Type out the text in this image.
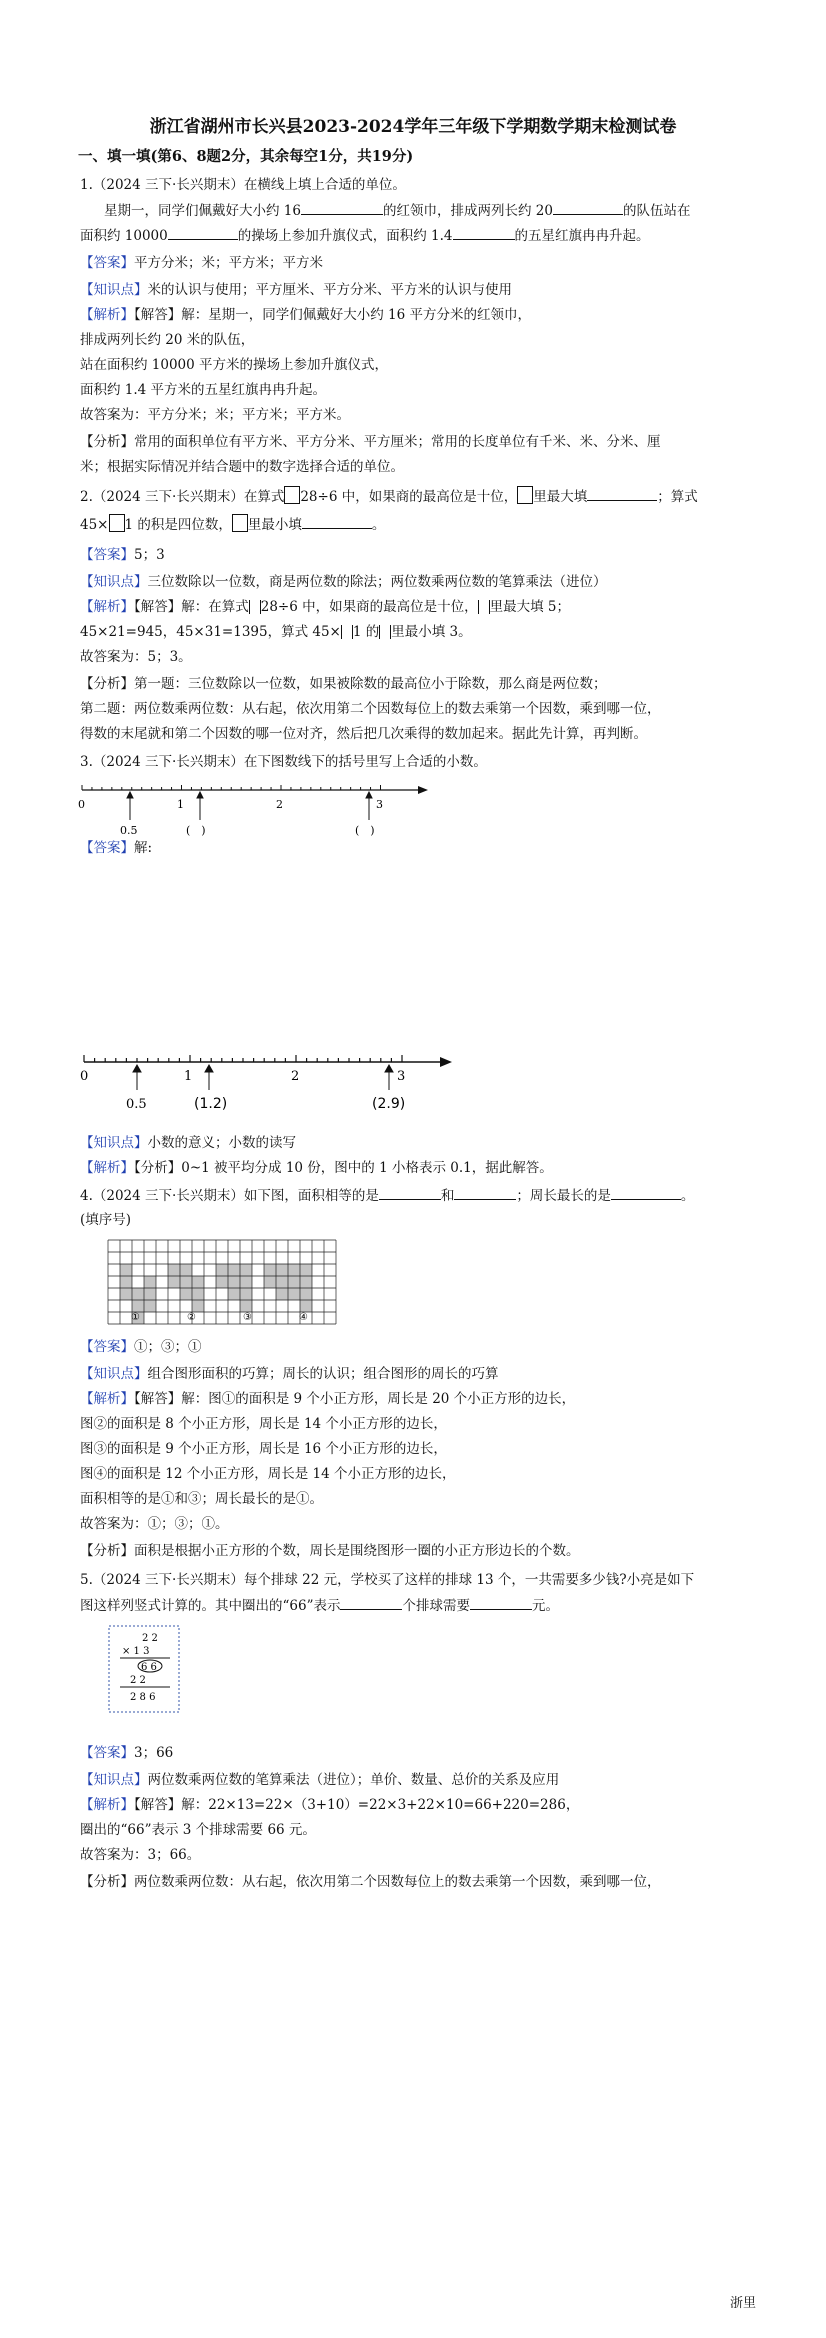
浙江省湖州市长兴县2023-2024学年三年级下学期数学期末检测试卷
一、填一填(第6、8题2分，其余每空1分，共19分)
1.（2024 三下·长兴期末）在横线上填上合适的单位。
星期一，同学们佩戴好大小约 16	的红领巾，排成两列长约 20	的队伍站在
面积约 10000	的操场上参加升旗仪式，面积约 1.4	的五星红旗冉冉升起。
【答案】平方分米；米；平方米；平方米
【知识点】米的认识与使用；平方厘米、平方分米、平方米的认识与使用
【解析】【解答】解：星期一，同学们佩戴好大小约 16 平方分米的红领巾，
排成两列长约 20 米的队伍，
站在面积约 10000 平方米的操场上参加升旗仪式，
面积约 1.4 平方米的五星红旗冉冉升起。
故答案为：平方分米；米；平方米；平方米。
【分析】常用的面积单位有平方米、平方分米、平方厘米；常用的长度单位有千米、米、分米、厘
米；根据实际情况并结合题中的数字选择合适的单位。
2.（2024 三下·长兴期末）在算式 28÷6 中，如果商的最高位是十位， 里最大填	；算式
45× 1 的积是四位数， 里最小填	。
【答案】5；3
【知识点】三位数除以一位数，商是两位数的除法；两位数乘两位数的笔算乘法（进位）
【解析】【解答】解：在算式 28÷6 中，如果商的最高位是十位， 里最大填 5；
45×21=945，45×31=1395，算式 45× 1 的 里最小填 3。
故答案为：5；3。
【分析】第一题：三位数除以一位数，如果被除数的最高位小于除数，那么商是两位数；
第二题：两位数乘两位数：从右起，依次用第二个因数每位上的数去乘第一个因数，乘到哪一位，
得数的末尾就和第二个因数的哪一位对齐，然后把几次乘得的数加起来。据此先计算，再判断。
3.（2024 三下·长兴期末）在下图数线下的括号里写上合适的小数。
0	1	2	3
0.5	(　)	(　)
【答案】解:
0	1	2	3
0.5	(1.2)	(2.9)
【知识点】小数的意义；小数的读写
【解析】【分析】0~1 被平均分成 10 份，图中的 1 小格表示 0.1，据此解答。
4.（2024 三下·长兴期末）如下图，面积相等的是	和	；周长最长的是	。
(填序号)
①	②	③	④
【答案】①；③；①
【知识点】组合图形面积的巧算；周长的认识；组合图形的周长的巧算
【解析】【解答】解：图①的面积是 9 个小正方形，周长是 20 个小正方形的边长，
图②的面积是 8 个小正方形，周长是 14 个小正方形的边长，
图③的面积是 9 个小正方形，周长是 16 个小正方形的边长，
图④的面积是 12 个小正方形，周长是 14 个小正方形的边长，
面积相等的是①和③；周长最长的是①。
故答案为：①；③；①。
【分析】面积是根据小正方形的个数，周长是围绕图形一圈的小正方形边长的个数。
5.（2024 三下·长兴期末）每个排球 22 元，学校买了这样的排球 13 个，一共需要多少钱?小亮是如下
图这样列竖式计算的。其中圈出的“66”表示	个排球需要	元。
2 2
× 1 3
6 6
2 2
2 8 6
【答案】3；66
【知识点】两位数乘两位数的笔算乘法（进位）；单价、数量、总价的关系及应用
【解析】【解答】解：22×13=22×（3+10）=22×3+22×10=66+220=286，
圈出的“66”表示 3 个排球需要 66 元。
故答案为：3；66。
【分析】两位数乘两位数：从右起，依次用第二个因数每位上的数去乘第一个因数，乘到哪一位，
浙里
